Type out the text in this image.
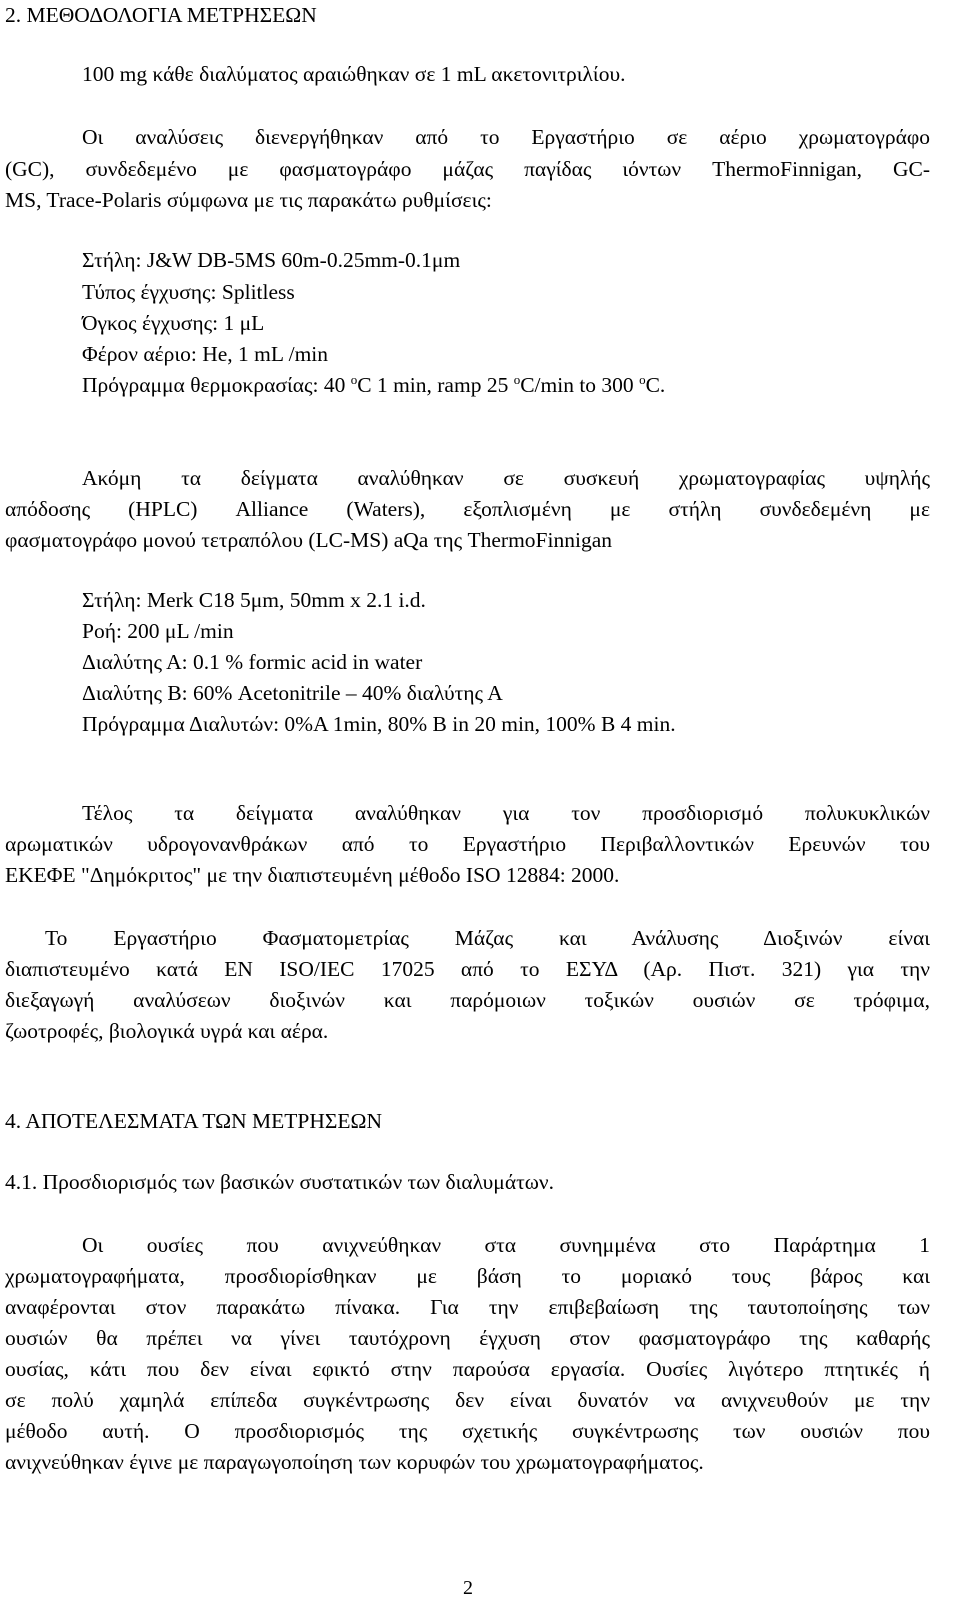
2. ΜΕΘΟΔΟΛΟΓΙΑ ΜΕΤΡΗΣΕΩΝ
100 mg κάθε διαλύματος αραιώθηκαν σε 1 mL ακετονιτριλίου.
Οι αναλύσεις διενεργήθηκαν από το Εργαστήριο σε αέριο χρωματογράφο
(GC), συνδεδεμένο με φασματογράφο μάζας παγίδας ιόντων ThermoFinnigan, GC-
MS, Trace-Polaris σύμφωνα με τις παρακάτω ρυθμίσεις:
Στήλη: J&W DB-5MS 60m-0.25mm-0.1μm
Τύπος έγχυσης: Splitless
Όγκος έγχυσης: 1 μL
Φέρον αέριο: He, 1 mL /min
Πρόγραμμα θερμοκρασίας: 40 $^o$C 1 min, ramp 25 $^o$C/min to 300 $^o$C.
Ακόμη τα δείγματα αναλύθηκαν σε συσκευή χρωματογραφίας υψηλής
απόδοσης (HPLC) Alliance (Waters), εξοπλισμένη με στήλη συνδεδεμένη με
φασματογράφο μονού τετραπόλου (LC-MS) aQa της ThermoFinnigan
Στήλη: Merk C18 5μm, 50mm x 2.1 i.d.
Ροή: 200 μL /min
Διαλύτης Α: 0.1 % formic acid in water
Διαλύτης Β: 60% Acetonitrile – 40% διαλύτης Α
Πρόγραμμα Διαλυτών: 0%A 1min, 80% B in 20 min, 100% B 4 min.
Τέλος τα δείγματα αναλύθηκαν για τον προσδιορισμό πολυκυκλικών
αρωματικών υδρογονανθράκων από το Εργαστήριο Περιβαλλοντικών Ερευνών του
ΕΚΕΦΕ "Δημόκριτος" με την διαπιστευμένη μέθοδο ISO 12884: 2000.
Το Εργαστήριο Φασματομετρίας Μάζας και Ανάλυσης Διοξινών είναι
διαπιστευμένο κατά EN ISO/IEC 17025 από το ΕΣΥΔ (Αρ. Πιστ. 321) για την
διεξαγωγή αναλύσεων διοξινών και παρόμοιων τοξικών ουσιών σε τρόφιμα,
ζωοτροφές, βιολογικά υγρά και αέρα.
4. ΑΠΟΤΕΛΕΣΜΑΤΑ ΤΩΝ ΜΕΤΡΗΣΕΩΝ
4.1. Προσδιορισμός των βασικών συστατικών των διαλυμάτων.
Οι ουσίες που ανιχνεύθηκαν στα συνημμένα στο Παράρτημα 1
χρωματογραφήματα, προσδιορίσθηκαν με βάση το μοριακό τους βάρος και
αναφέρονται στον παρακάτω πίνακα. Για την επιβεβαίωση της ταυτοποίησης των
ουσιών θα πρέπει να γίνει ταυτόχρονη έγχυση στον φασματογράφο της καθαρής
ουσίας, κάτι που δεν είναι εφικτό στην παρούσα εργασία. Ουσίες λιγότερο πτητικές ή
σε πολύ χαμηλά επίπεδα συγκέντρωσης δεν είναι δυνατόν να ανιχνευθούν με την
μέθοδο αυτή. Ο προσδιορισμός της σχετικής συγκέντρωσης των ουσιών που
ανιχνεύθηκαν έγινε με παραγωγοποίηση των κορυφών του χρωματογραφήματος.
2
